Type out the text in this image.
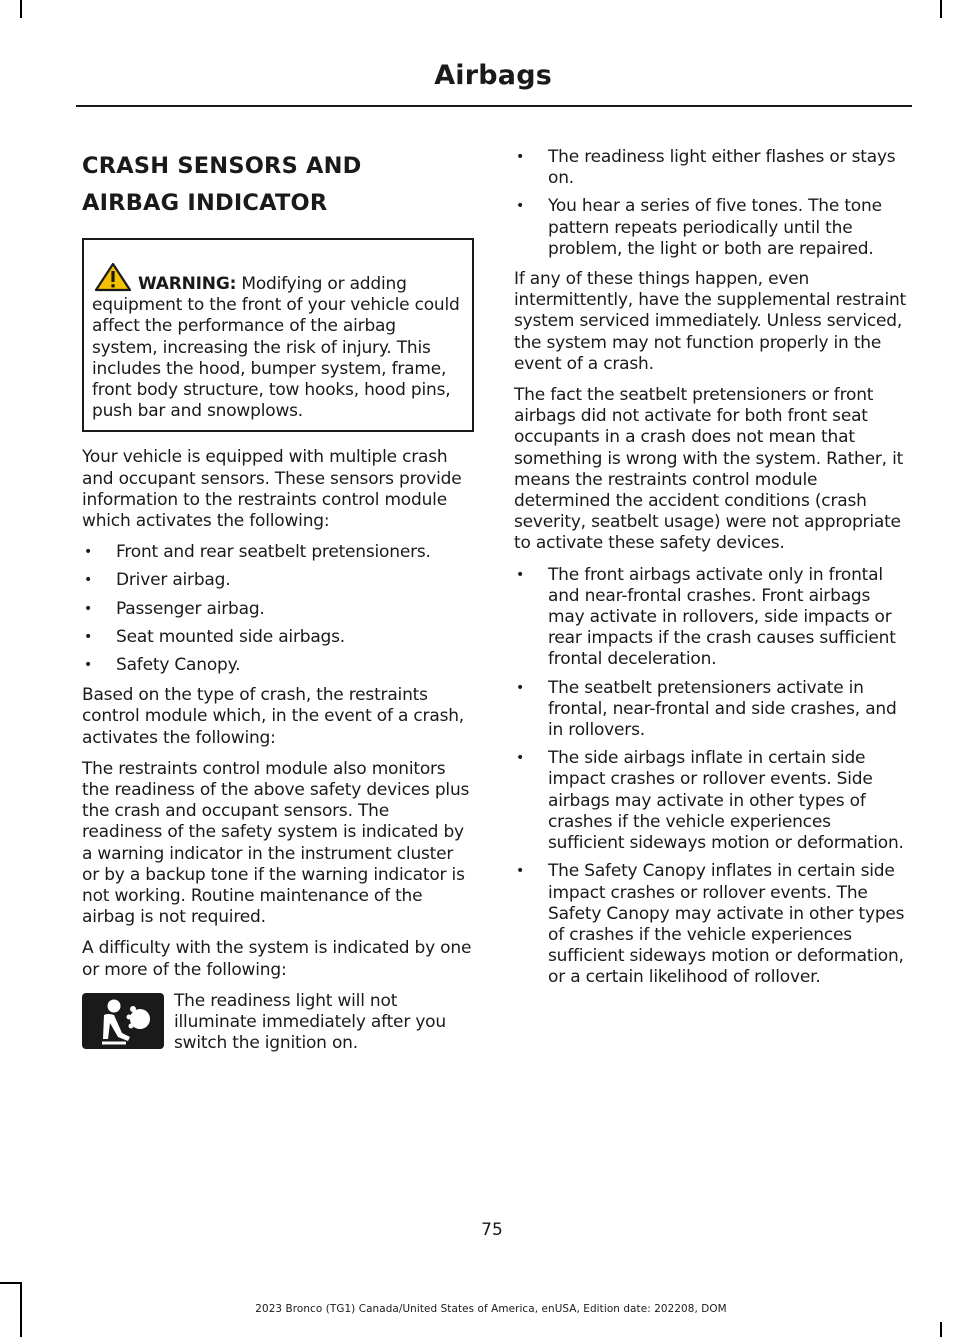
Airbags
CRASH SENSORS AND
AIRBAG INDICATOR
WARNING: Modifying or adding equipment to the front of your vehicle could affect the performance of the airbag system, increasing the risk of injury. This includes the hood, bumper system, frame, front body structure, tow hooks, hood pins, push bar and snowplows.

Your vehicle is equipped with multiple crash and occupant sensors. These sensors provide information to the restraints control module which activates the following:

• Front and rear seatbelt pretensioners.
• Driver airbag.
• Passenger airbag.
• Seat mounted side airbags.
• Safety Canopy.

Based on the type of crash, the restraints control module which, in the event of a crash, activates the following:

The restraints control module also monitors the readiness of the above safety devices plus the crash and occupant sensors. The readiness of the safety system is indicated by a warning indicator in the instrument cluster or by a backup tone if the warning indicator is not working. Routine maintenance of the airbag is not required.

A difficulty with the system is indicated by one or more of the following:

The readiness light will not illuminate immediately after you switch the ignition on.
• The readiness light either flashes or stays on.
• You hear a series of five tones. The tone pattern repeats periodically until the problem, the light or both are repaired.

If any of these things happen, even intermittently, have the supplemental restraint system serviced immediately. Unless serviced, the system may not function properly in the event of a crash.

The fact the seatbelt pretensioners or front airbags did not activate for both front seat occupants in a crash does not mean that something is wrong with the system. Rather, it means the restraints control module determined the accident conditions (crash severity, seatbelt usage) were not appropriate to activate these safety devices.

• The front airbags activate only in frontal and near-frontal crashes. Front airbags may activate in rollovers, side impacts or rear impacts if the crash causes sufficient frontal deceleration.
• The seatbelt pretensioners activate in frontal, near-frontal and side crashes, and in rollovers.
• The side airbags inflate in certain side impact crashes or rollover events. Side airbags may activate in other types of crashes if the vehicle experiences sufficient sideways motion or deformation.
• The Safety Canopy inflates in certain side impact crashes or rollover events. The Safety Canopy may activate in other types of crashes if the vehicle experiences sufficient sideways motion or deformation, or a certain likelihood of rollover.
75
2023 Bronco (TG1) Canada/United States of America, enUSA, Edition date: 202208, DOM
